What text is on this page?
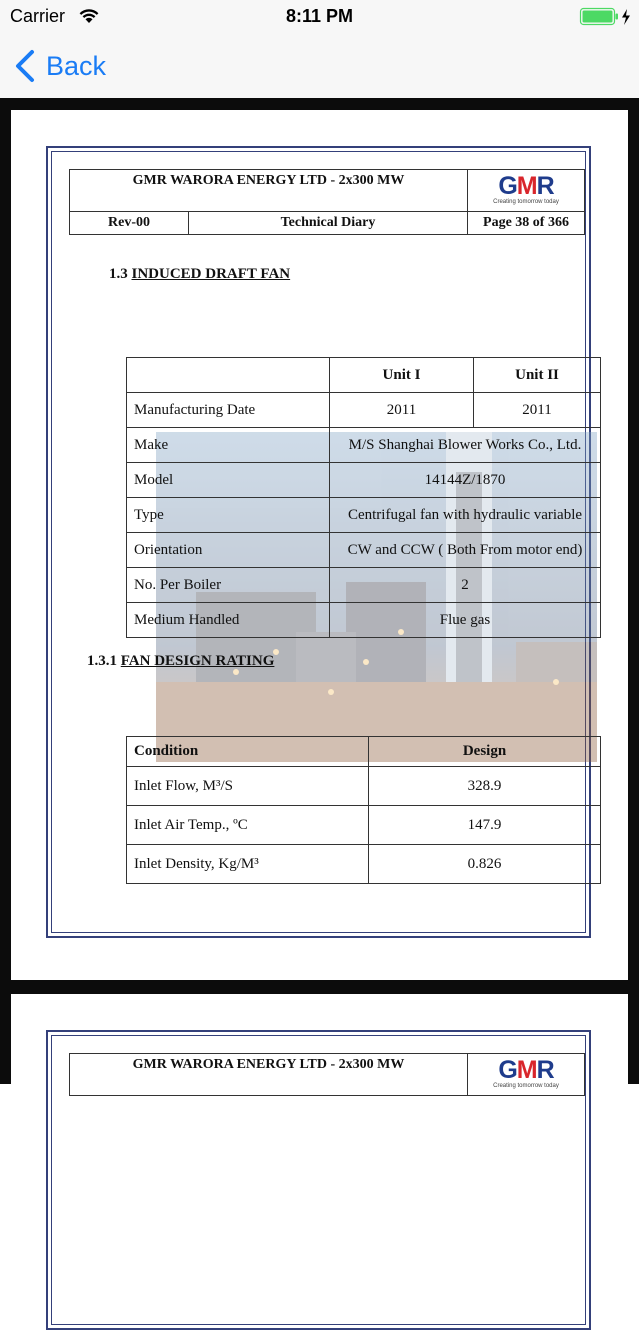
Carrier	8:11 PM
Back
GMR WARORA ENERGY LTD - 2x300 MW		GMR
Creating tomorrow today

Rev-00	Technical Diary	Page 38 of 366
1.3 INDUCED DRAFT FAN
	Unit I	Unit II
Manufacturing Date	2011	2011
Make	M/S Shanghai Blower Works Co., Ltd.	
Model	14144Z/1870	
Type	Centrifugal fan with hydraulic variable	
Orientation	CW and CCW ( Both From motor end)	
No. Per Boiler	2	
Medium Handled	Flue gas	
1.3.1 FAN DESIGN RATING
Condition	Design
Inlet Flow, M³/S	328.9
Inlet Air Temp., ºC	147.9
Inlet Density, Kg/M³	0.826
GMR WARORA ENERGY LTD - 2x300 MW	GMR
Creating tomorrow today
